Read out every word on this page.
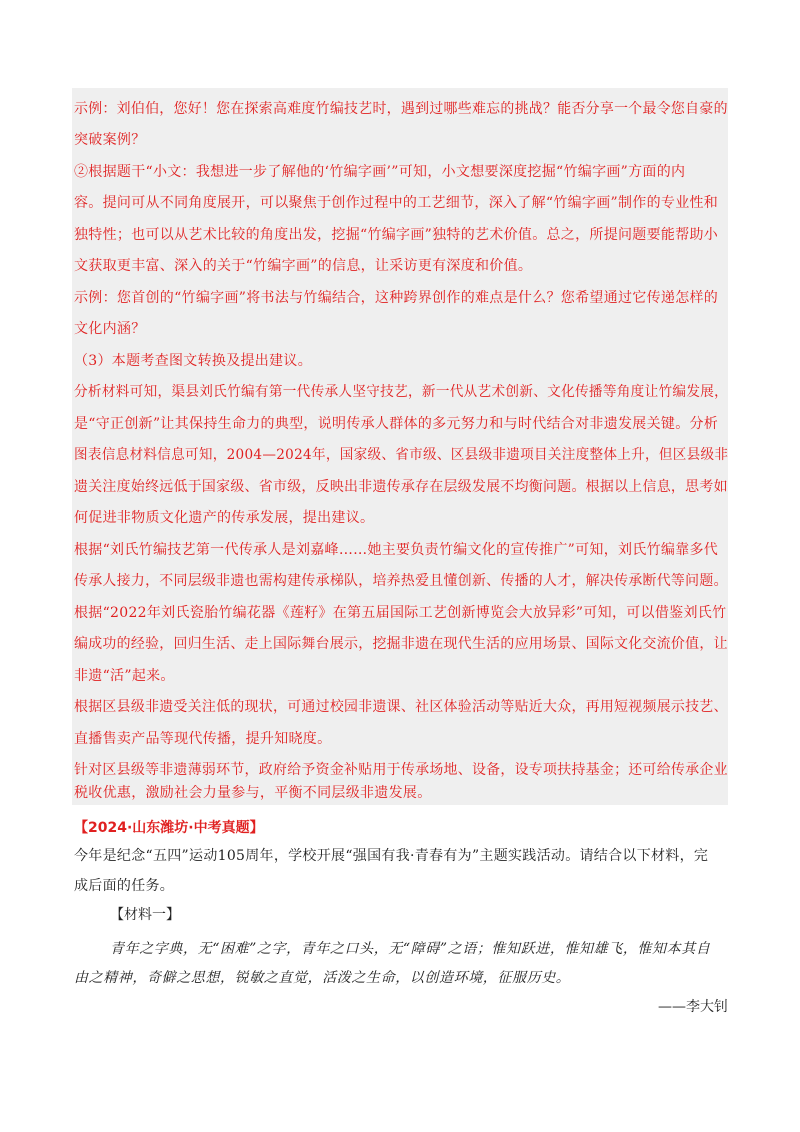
示例：刘伯伯，您好！您在探索高难度竹编技艺时，遇到过哪些难忘的挑战？能否分享一个最令您自豪的
突破案例？
②根据题干“小文：我想进一步了解他的‘竹编字画’”可知，小文想要深度挖掘“竹编字画”方面的内
容。提问可从不同角度展开，可以聚焦于创作过程中的工艺细节，深入了解“竹编字画”制作的专业性和
独特性；也可以从艺术比较的角度出发，挖掘“竹编字画”独特的艺术价值。总之，所提问题要能帮助小
文获取更丰富、深入的关于“竹编字画”的信息，让采访更有深度和价值。
示例：您首创的“竹编字画”将书法与竹编结合，这种跨界创作的难点是什么？您希望通过它传递怎样的
文化内涵？
（3）本题考查图文转换及提出建议。
分析材料可知，渠县刘氏竹编有第一代传承人坚守技艺，新一代从艺术创新、文化传播等角度让竹编发展，
是“守正创新”让其保持生命力的典型，说明传承人群体的多元努力和与时代结合对非遗发展关键。分析
图表信息材料信息可知，2004—2024年，国家级、省市级、区县级非遗项目关注度整体上升，但区县级非
遗关注度始终远低于国家级、省市级，反映出非遗传承存在层级发展不均衡问题。根据以上信息，思考如
何促进非物质文化遗产的传承发展，提出建议。
根据“刘氏竹编技艺第一代传承人是刘嘉峰……她主要负责竹编文化的宣传推广”可知，刘氏竹编靠多代
传承人接力，不同层级非遗也需构建传承梯队，培养热爱且懂创新、传播的人才，解决传承断代等问题。
根据“2022年刘氏瓷胎竹编花器《莲籽》在第五届国际工艺创新博览会大放异彩”可知，可以借鉴刘氏竹
编成功的经验，回归生活、走上国际舞台展示，挖掘非遗在现代生活的应用场景、国际文化交流价值，让
非遗“活”起来。
根据区县级非遗受关注低的现状，可通过校园非遗课、社区体验活动等贴近大众，再用短视频展示技艺、
直播售卖产品等现代传播，提升知晓度。
针对区县级等非遗薄弱环节，政府给予资金补贴用于传承场地、设备，设专项扶持基金；还可给传承企业
税收优惠，激励社会力量参与，平衡不同层级非遗发展。
【2024·山东潍坊·中考真题】
今年是纪念“五四”运动105周年，学校开展“强国有我·青春有为”主题实践活动。请结合以下材料，完
成后面的任务。
【材料一】
青年之字典，无“困难”之字，青年之口头，无“障碍”之语；惟知跃进，惟知雄飞，惟知本其自
由之精神，奇僻之思想，锐敏之直觉，活泼之生命，以创造环境，征服历史。
——李大钊
